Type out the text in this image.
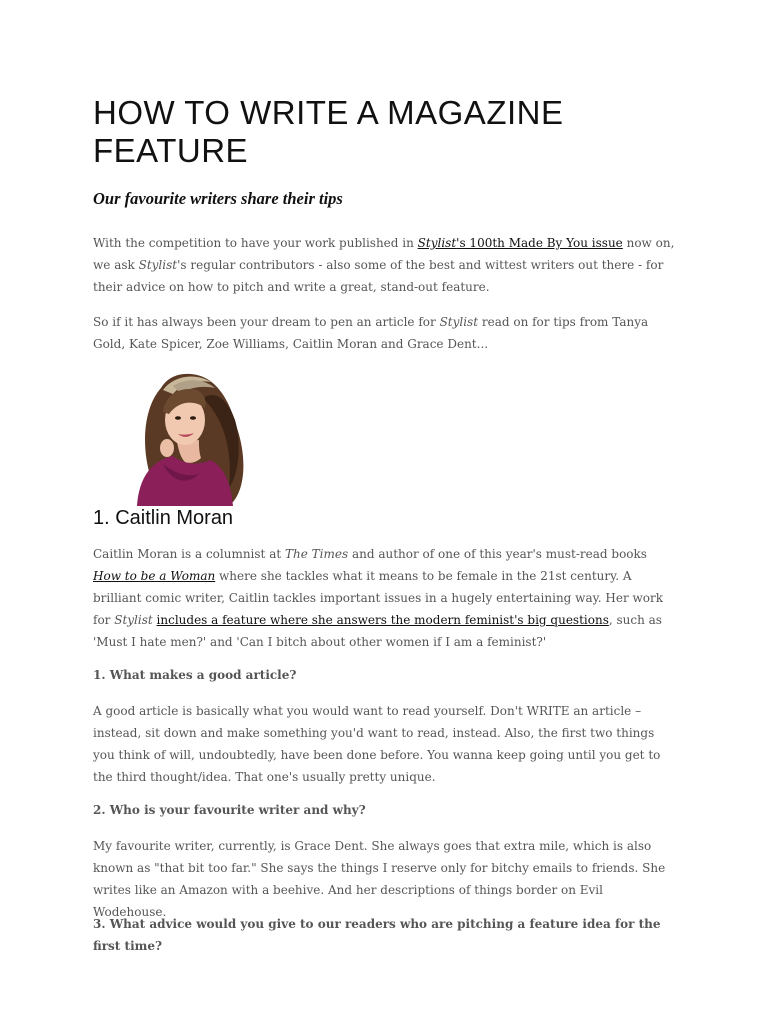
HOW TO WRITE A MAGAZINE FEATURE
Our favourite writers share their tips

With the competition to have your work published in Stylist's 100th Made By You issue now on, we ask Stylist's regular contributors - also some of the best and wittest writers out there - for their advice on how to pitch and write a great, stand-out feature.

So if it has always been your dream to pen an article for Stylist read on for tips from Tanya Gold, Kate Spicer, Zoe Williams, Caitlin Moran and Grace Dent...

1. Caitlin Moran

Caitlin Moran is a columnist at The Times and author of one of this year's must-read books How to be a Woman where she tackles what it means to be female in the 21st century. A brilliant comic writer, Caitlin tackles important issues in a hugely entertaining way. Her work for Stylist includes a feature where she answers the modern feminist's big questions, such as 'Must I hate men?' and 'Can I bitch about other women if I am a feminist?'

1. What makes a good article?

A good article is basically what you would want to read yourself. Don't WRITE an article – instead, sit down and make something you'd want to read, instead. Also, the first two things you think of will, undoubtedly, have been done before. You wanna keep going until you get to the third thought/idea. That one's usually pretty unique.

2. Who is your favourite writer and why?

My favourite writer, currently, is Grace Dent. She always goes that extra mile, which is also known as "that bit too far." She says the things I reserve only for bitchy emails to friends. She writes like an Amazon with a beehive. And her descriptions of things border on Evil Wodehouse.

3. What advice would you give to our readers who are pitching a feature idea for the first time?
